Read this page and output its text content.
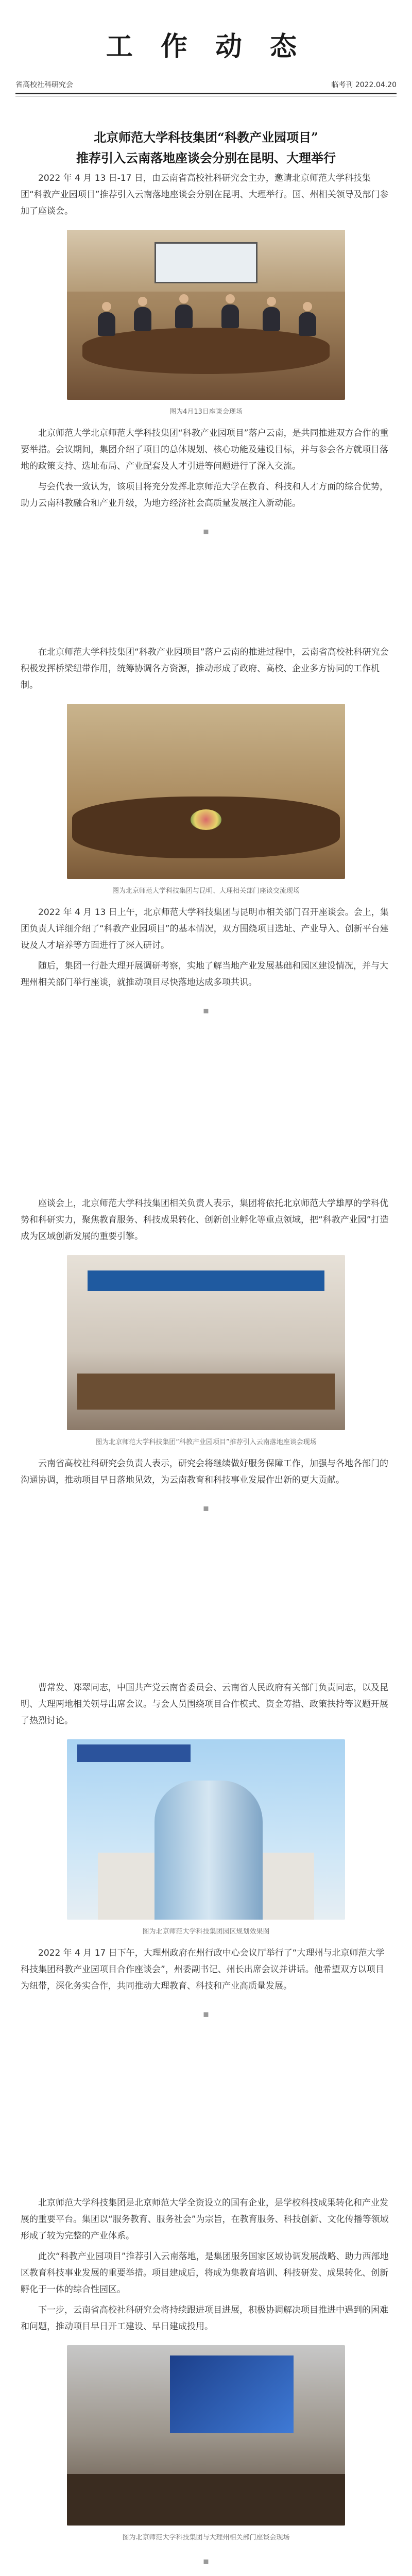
工 作 动 态
省高校社科研究会	临考刊 2022.04.20
北京师范大学科技集团“科教产业园项目”
推荐引入云南落地座谈会分别在昆明、大理举行

2022 年 4 月 13 日-17 日，由云南省高校社科研究会主办，邀请北京师范大学科技集团“科教产业园项目”推荐引入云南落地座谈会分别在昆明、大理举行。国、州相关领导及部门参加了座谈会。

图为4月13日座谈会现场

北京师范大学北京师范大学科技集团“科教产业园项目”落户云南，是共同推进双方合作的重要举措。会议期间，集团介绍了项目的总体规划、核心功能及建设目标，并与参会各方就项目落地的政策支持、选址布局、产业配套及人才引进等问题进行了深入交流。

与会代表一致认为，该项目将充分发挥北京师范大学在教育、科技和人才方面的综合优势，助力云南科教融合和产业升级，为地方经济社会高质量发展注入新动能。

▪

在北京师范大学科技集团“科教产业园项目”落户云南的推进过程中，云南省高校社科研究会积极发挥桥梁纽带作用，统筹协调各方资源，推动形成了政府、高校、企业多方协同的工作机制。

图为北京师范大学科技集团与昆明、大理相关部门座谈交流现场

2022 年 4 月 13 日上午，北京师范大学科技集团与昆明市相关部门召开座谈会。会上，集团负责人详细介绍了“科教产业园项目”的基本情况，双方围绕项目选址、产业导入、创新平台建设及人才培养等方面进行了深入研讨。

随后，集团一行赴大理开展调研考察，实地了解当地产业发展基础和园区建设情况，并与大理州相关部门举行座谈，就推动项目尽快落地达成多项共识。

▪

座谈会上，北京师范大学科技集团相关负责人表示，集团将依托北京师范大学雄厚的学科优势和科研实力，聚焦教育服务、科技成果转化、创新创业孵化等重点领域，把“科教产业园”打造成为区域创新发展的重要引擎。

图为北京师范大学科技集团“科教产业园项目”推荐引入云南落地座谈会现场

云南省高校社科研究会负责人表示，研究会将继续做好服务保障工作，加强与各地各部门的沟通协调，推动项目早日落地见效，为云南教育和科技事业发展作出新的更大贡献。

▪

曹常发、郑翠同志，中国共产党云南省委员会、云南省人民政府有关部门负责同志，以及昆明、大理两地相关领导出席会议。与会人员围绕项目合作模式、资金筹措、政策扶持等议题开展了热烈讨论。

图为北京师范大学科技集团园区规划效果图

2022 年 4 月 17 日下午，大理州政府在州行政中心会议厅举行了“大理州与北京师范大学科技集团科教产业园项目合作座谈会”，州委副书记、州长出席会议并讲话。他希望双方以项目为纽带，深化务实合作，共同推动大理教育、科技和产业高质量发展。

▪

北京师范大学科技集团是北京师范大学全资设立的国有企业，是学校科技成果转化和产业发展的重要平台。集团以“服务教育、服务社会”为宗旨，在教育服务、科技创新、文化传播等领域形成了较为完整的产业体系。

此次“科教产业园项目”推荐引入云南落地，是集团服务国家区域协调发展战略、助力西部地区教育科技事业发展的重要举措。项目建成后，将成为集教育培训、科技研发、成果转化、创新孵化于一体的综合性园区。

下一步，云南省高校社科研究会将持续跟进项目进展，积极协调解决项目推进中遇到的困难和问题，推动项目早日开工建设、早日建成投用。

图为北京师范大学科技集团与大理州相关部门座谈会现场
▪
